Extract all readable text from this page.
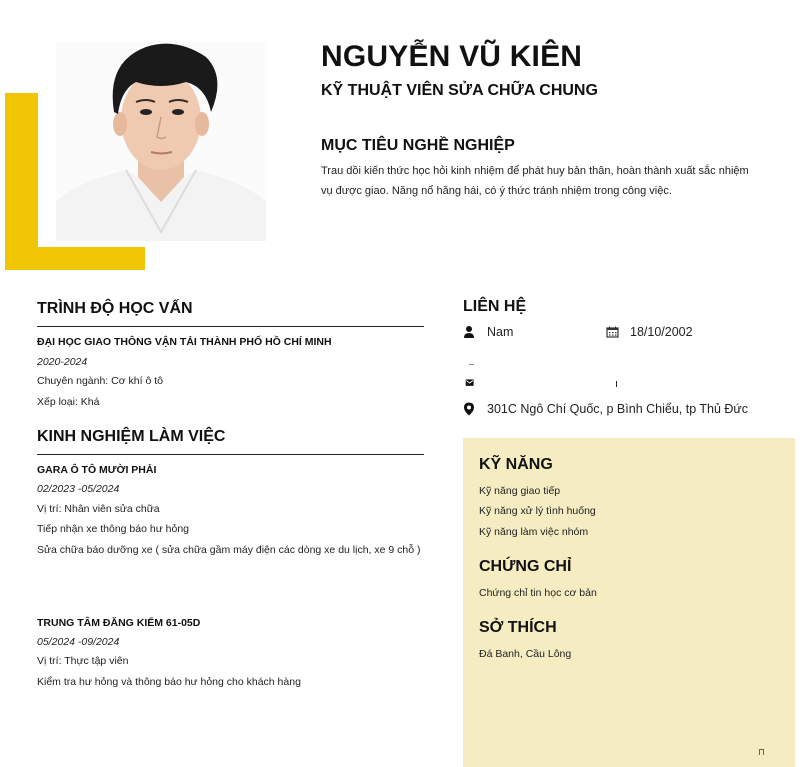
NGUYỄN VŨ KIÊN
KỸ THUẬT VIÊN SỬA CHỮA CHUNG
MỤC TIÊU NGHỀ NGHIỆP
Trau dồi kiến thức học hỏi kinh nhiệm để phát huy bản thân, hoàn thành xuất sắc nhiệm vụ được giao. Năng nổ hăng hái, có ý thức tránh nhiệm trong công việc.
TRÌNH ĐỘ HỌC VẤN
ĐẠI HỌC GIAO THÔNG VẬN TẢI THÀNH PHỐ HỒ CHÍ MINH
2020-2024
Chuyên ngành: Cơ khí ô tô
Xếp loại: Khá
KINH NGHIỆM LÀM VIỆC
GARA Ô TÔ MƯỜI PHẢI
02/2023 -05/2024
Vị trí: Nhân viên sửa chữa
Tiếp nhận xe thông báo hư hỏng
Sửa chữa báo dưỡng xe ( sửa chữa gầm máy điện các dòng xe du lịch, xe 9 chỗ )
TRUNG TÂM ĐĂNG KIỂM 61-05D
05/2024 -09/2024
Vị trí: Thực tập viên
Kiểm tra hư hỏng và thông báo hư hỏng cho khách hàng
LIÊN HỆ
Nam	18/10/2002
301C Ngô Chí Quốc, p Bình Chiểu, tp Thủ Đức
KỸ NĂNG
Kỹ năng giao tiếp
Kỹ năng xử lý tình huống
Kỹ năng làm việc nhóm
CHỨNG CHỈ
Chứng chỉ tin học cơ bản
SỞ THÍCH
Đá Banh, Cầu Lông
